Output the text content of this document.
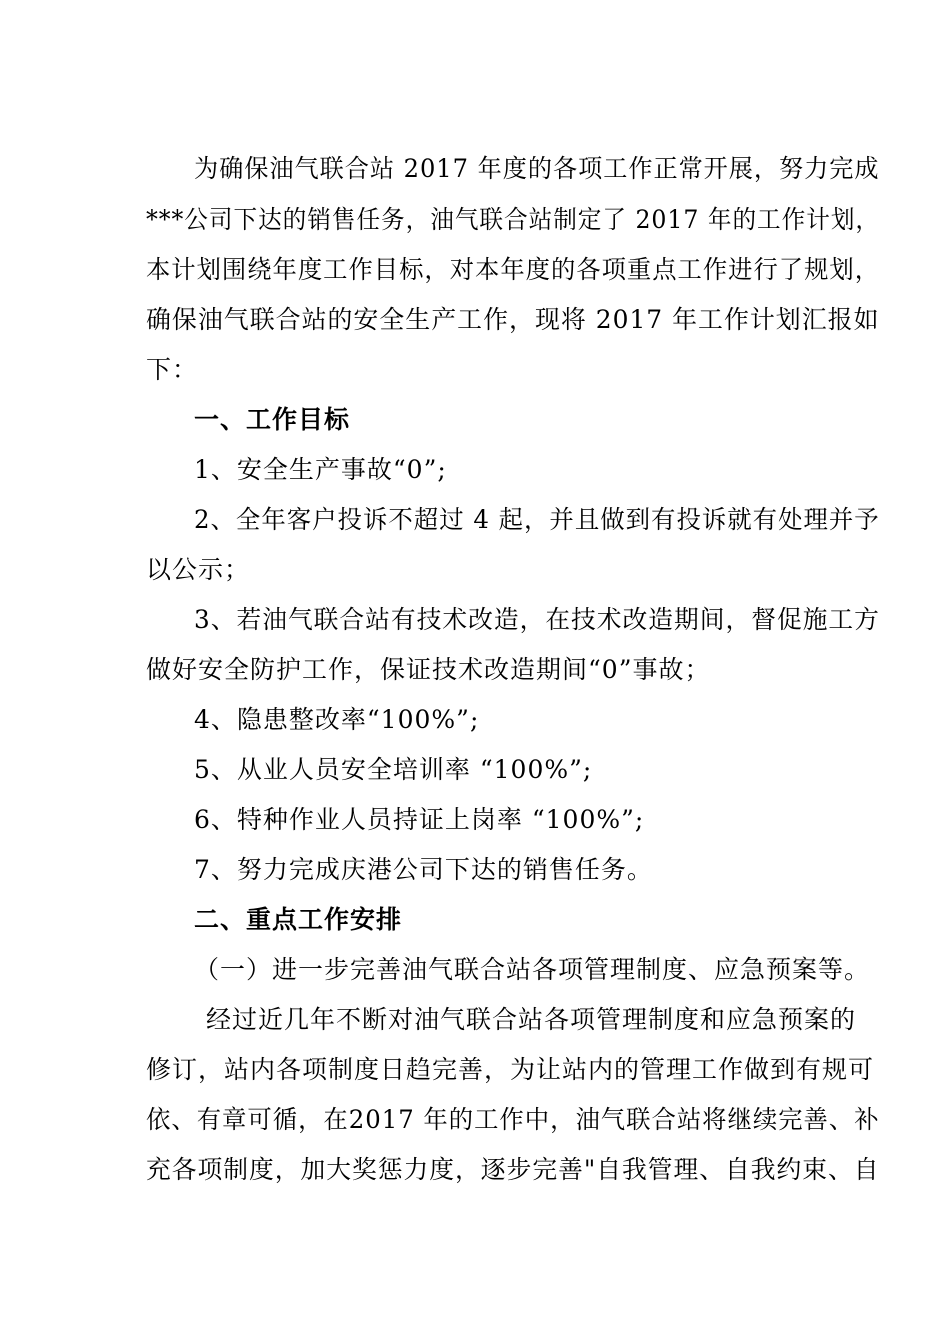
为确保油气联合站 2017 年度的各项工作正常开展，努力完成
***公司下达的销售任务，油气联合站制定了 2017 年的工作计划，
本计划围绕年度工作目标，对本年度的各项重点工作进行了规划，
确保油气联合站的安全生产工作，现将 2017 年工作计划汇报如
下：
一、工作目标
1、安全生产事故“0”;
2、全年客户投诉不超过 4 起，并且做到有投诉就有处理并予
以公示；
3、若油气联合站有技术改造，在技术改造期间，督促施工方
做好安全防护工作，保证技术改造期间“0”事故；
4、隐患整改率“100%”;
5、从业人员安全培训率 “100%”;
6、特种作业人员持证上岗率 “100%”;
7、努力完成庆港公司下达的销售任务。
二、重点工作安排
（一）进一步完善油气联合站各项管理制度、应急预案等。
经过近几年不断对油气联合站各项管理制度和应急预案的
修订，站内各项制度日趋完善，为让站内的管理工作做到有规可
依、有章可循，在2017 年的工作中，油气联合站将继续完善、补
充各项制度，加大奖惩力度，逐步完善"自我管理、自我约束、自
